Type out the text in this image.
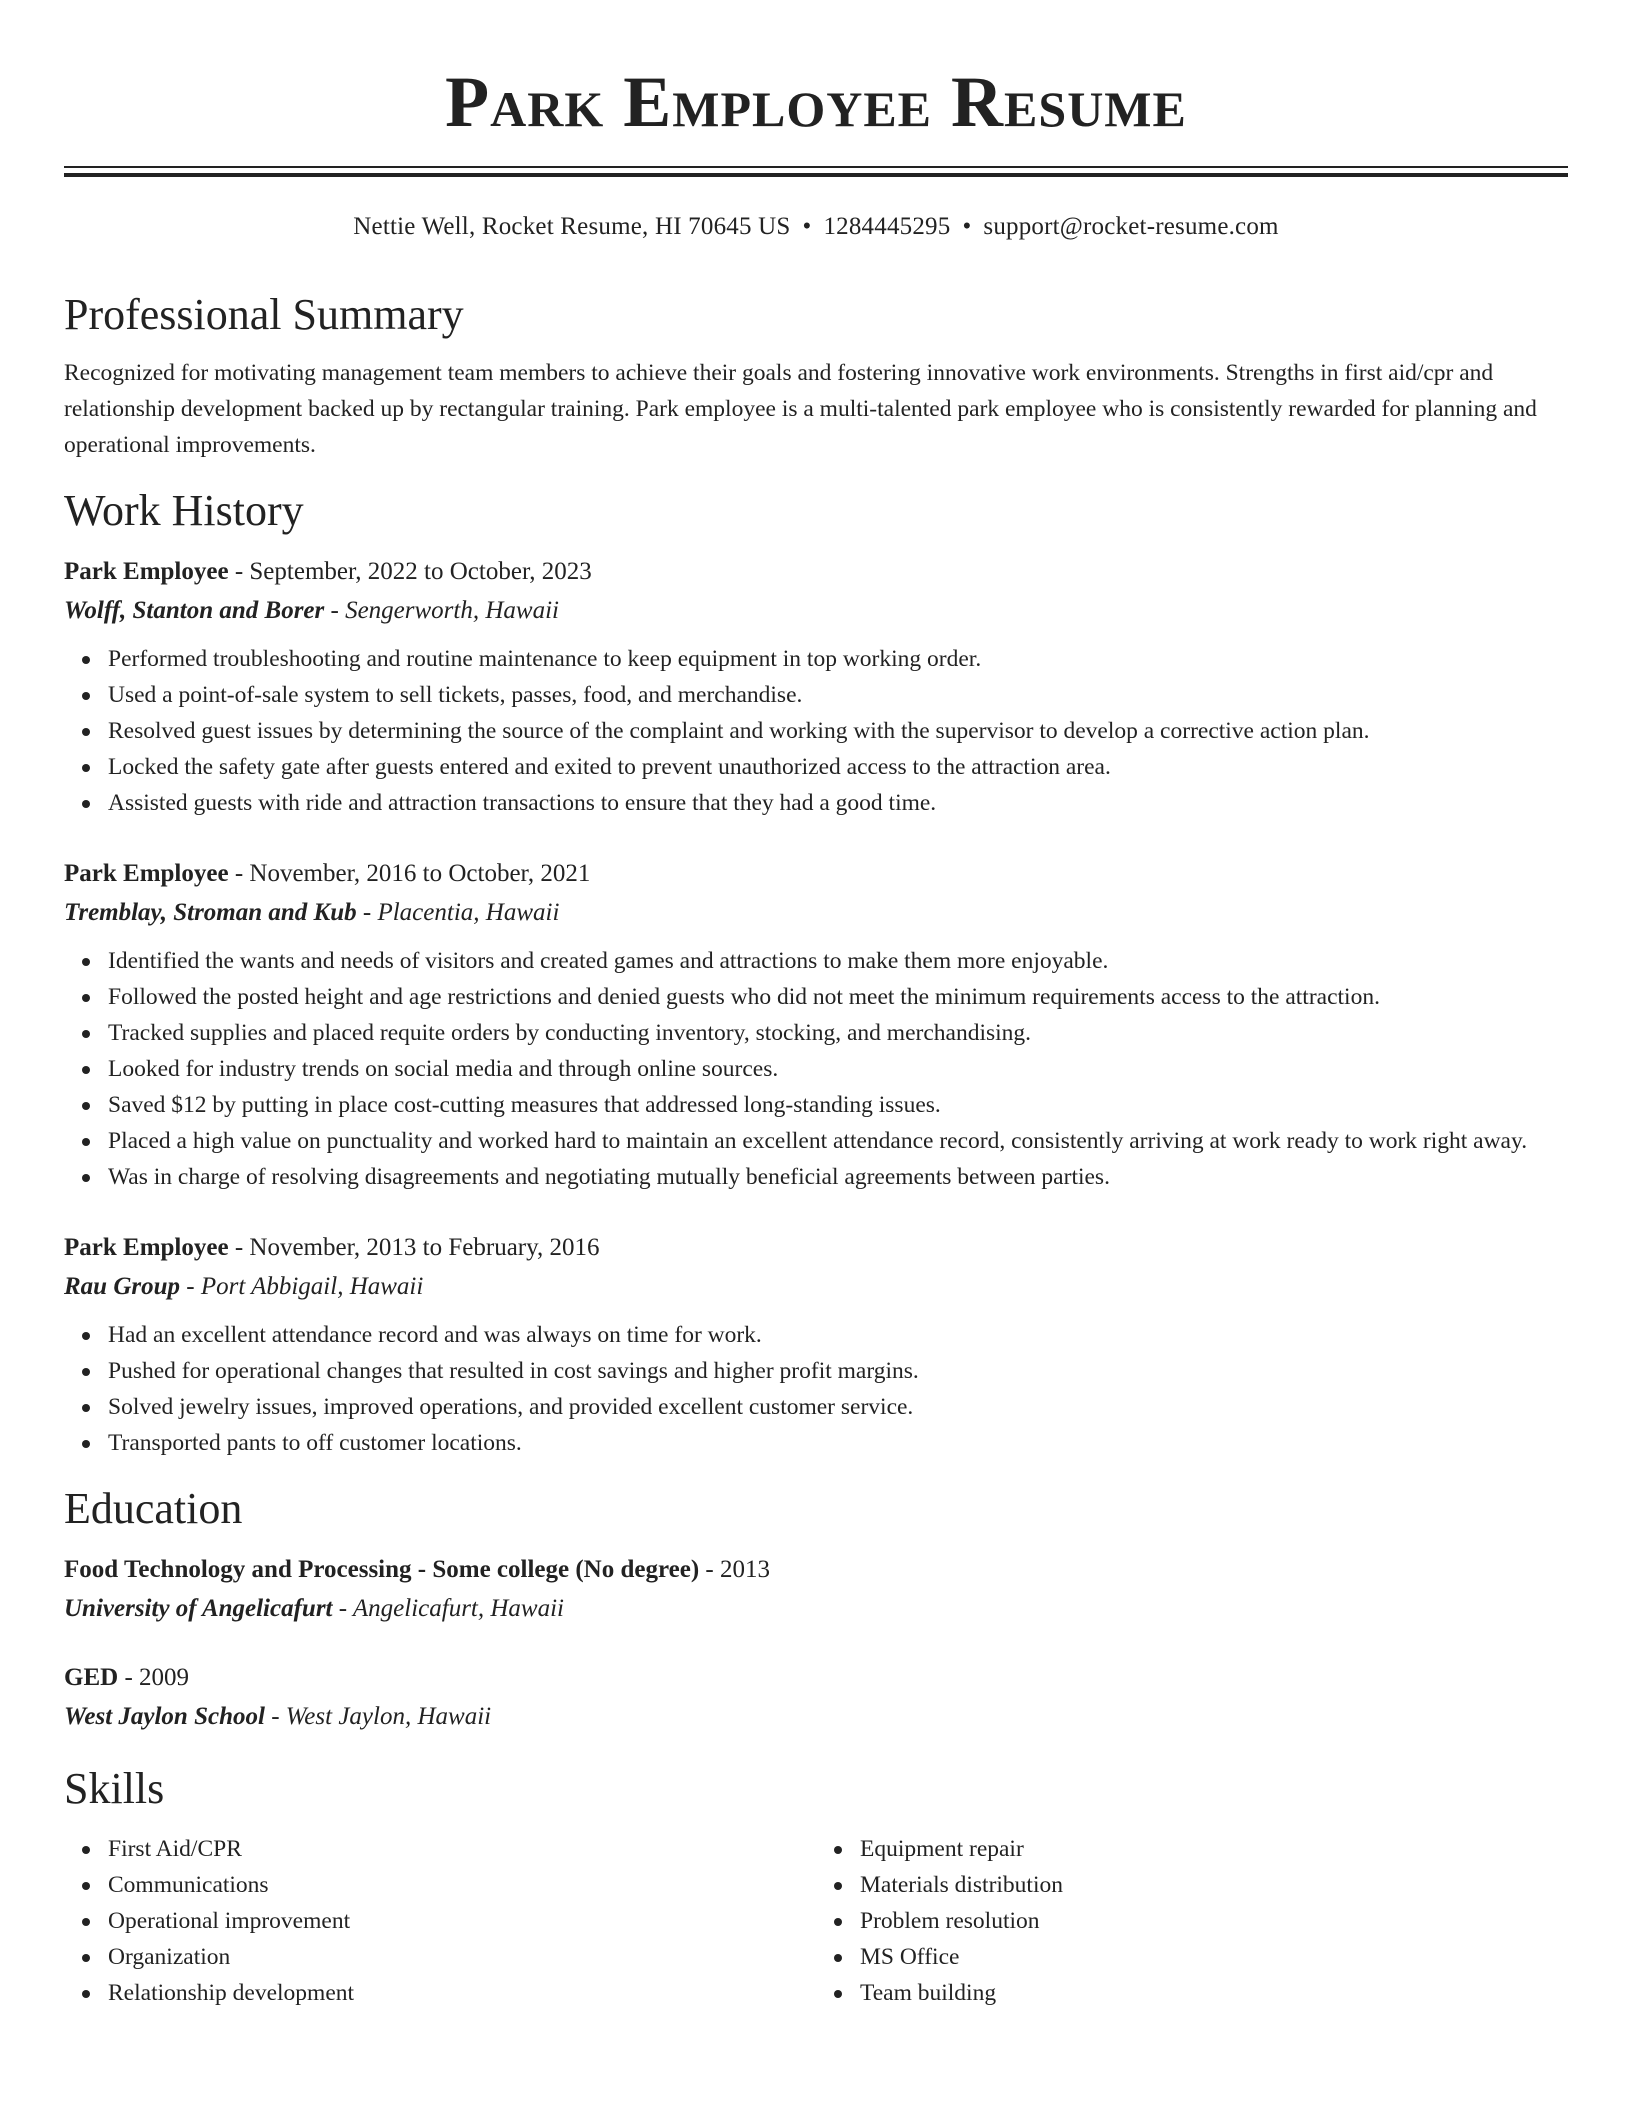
Park Employee Resume
Nettie Well, Rocket Resume, HI 70645 US • 1284445295 • support@rocket-resume.com
Professional Summary

Recognized for motivating management team members to achieve their goals and fostering innovative work environments. Strengths in first aid/cpr and relationship development backed up by rectangular training. Park employee is a multi-talented park employee who is consistently rewarded for planning and operational improvements.

Work History
Park Employee - September, 2022 to October, 2023
Wolff, Stanton and Borer - Sengerworth, Hawaii
Performed troubleshooting and routine maintenance to keep equipment in top working order.
Used a point-of-sale system to sell tickets, passes, food, and merchandise.
Resolved guest issues by determining the source of the complaint and working with the supervisor to develop a corrective action plan.
Locked the safety gate after guests entered and exited to prevent unauthorized access to the attraction area.
Assisted guests with ride and attraction transactions to ensure that they had a good time.
Park Employee - November, 2016 to October, 2021
Tremblay, Stroman and Kub - Placentia, Hawaii
Identified the wants and needs of visitors and created games and attractions to make them more enjoyable.
Followed the posted height and age restrictions and denied guests who did not meet the minimum requirements access to the attraction.
Tracked supplies and placed requite orders by conducting inventory, stocking, and merchandising.
Looked for industry trends on social media and through online sources.
Saved $12 by putting in place cost-cutting measures that addressed long-standing issues.
Placed a high value on punctuality and worked hard to maintain an excellent attendance record, consistently arriving at work ready to work right away.
Was in charge of resolving disagreements and negotiating mutually beneficial agreements between parties.
Park Employee - November, 2013 to February, 2016
Rau Group - Port Abbigail, Hawaii
Had an excellent attendance record and was always on time for work.
Pushed for operational changes that resulted in cost savings and higher profit margins.
Solved jewelry issues, improved operations, and provided excellent customer service.
Transported pants to off customer locations.
Education
Food Technology and Processing - Some college (No degree) - 2013
University of Angelicafurt - Angelicafurt, Hawaii
GED - 2009
West Jaylon School - West Jaylon, Hawaii
Skills
First Aid/CPR
Communications
Operational improvement
Organization
Relationship development
Equipment repair
Materials distribution
Problem resolution
MS Office
Team building
